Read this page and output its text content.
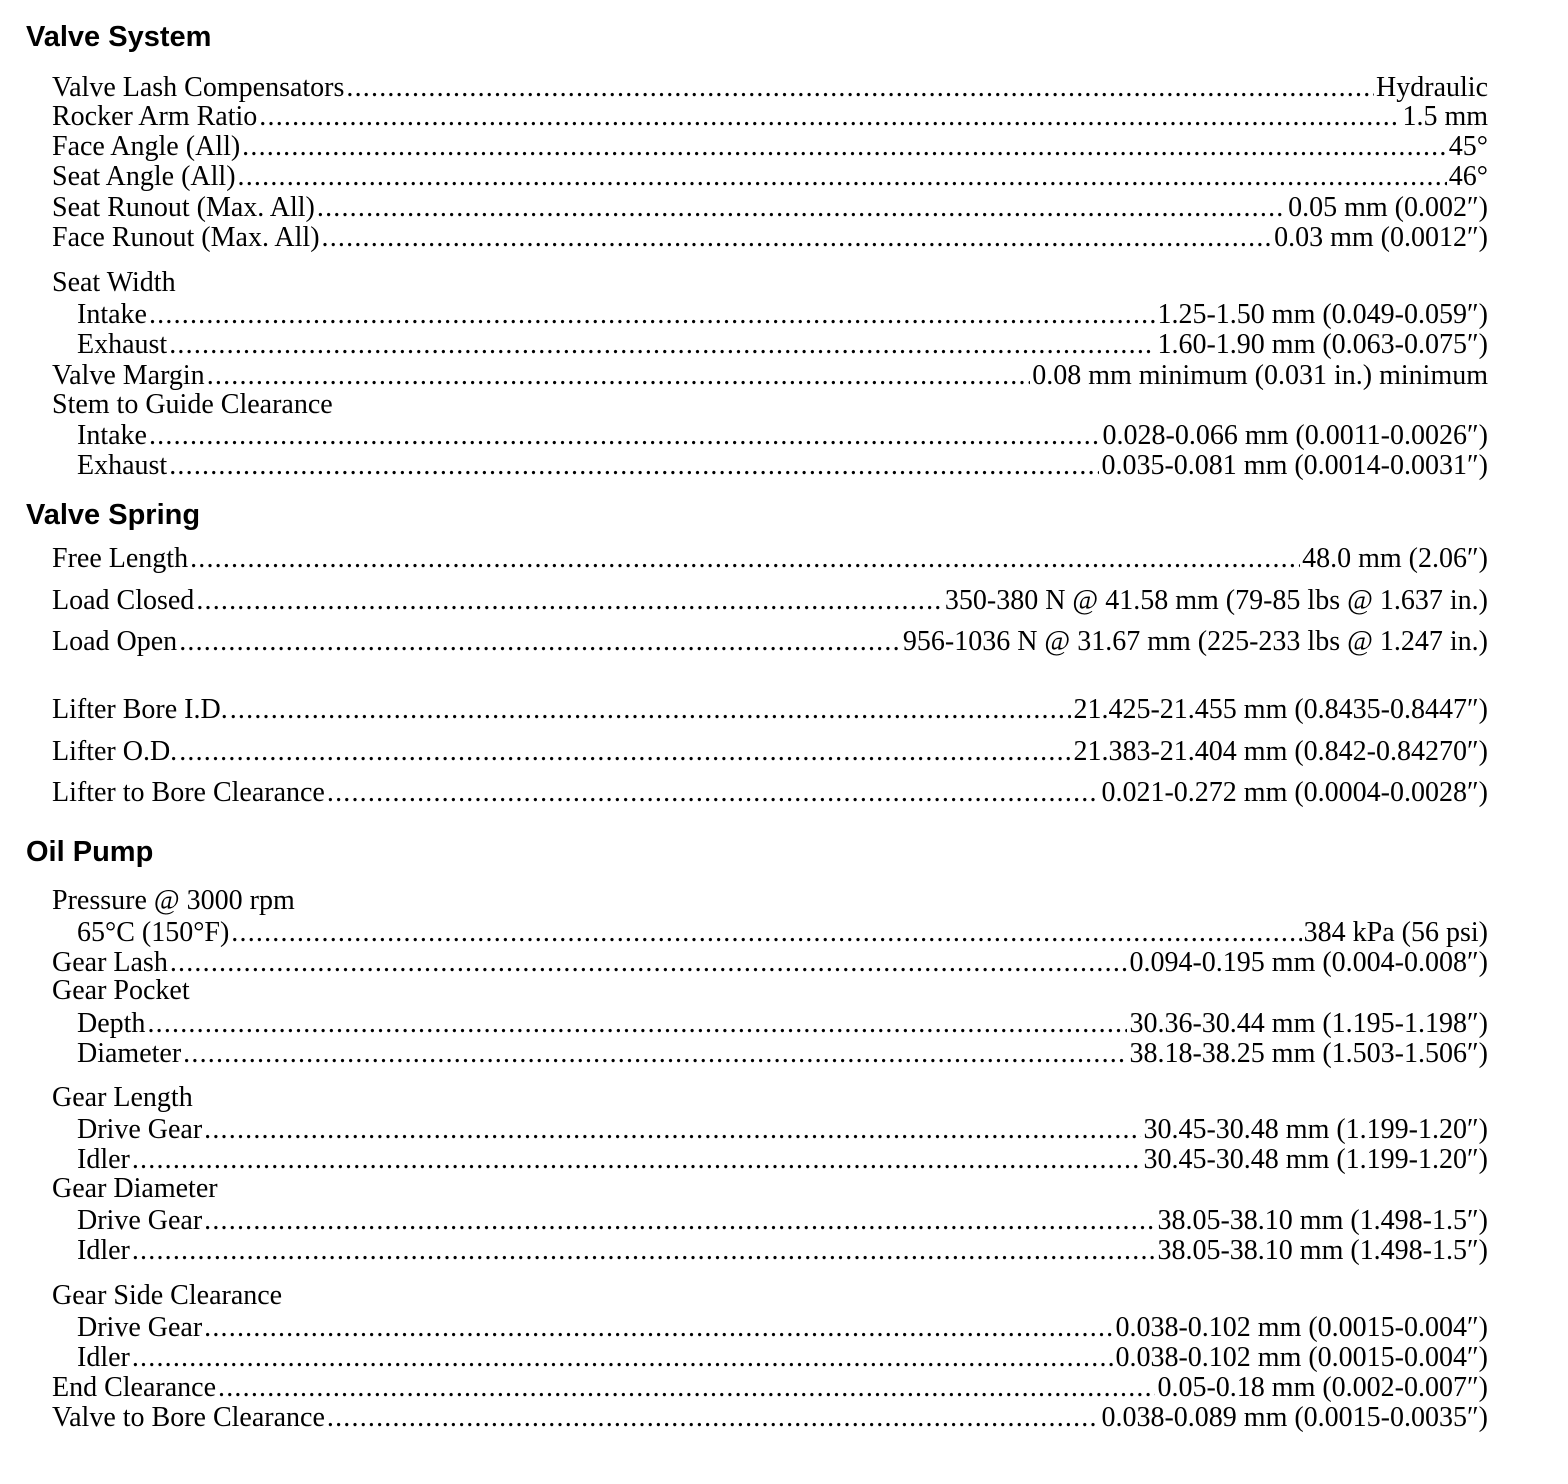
Valve System
Valve Lash Compensators .....	Hydraulic
Rocker Arm Ratio .....	1.5 mm
Face Angle (All) .....	45°
Seat Angle (All) .....	46°
Seat Runout (Max. All) .....	0.05 mm (0.002″)
Face Runout (Max. All) .....	0.03 mm (0.0012″)
Seat Width
Intake .....	1.25-1.50 mm (0.049-0.059″)
Exhaust .....	1.60-1.90 mm (0.063-0.075″)
Valve Margin .....	0.08 mm minimum (0.031 in.) minimum
Stem to Guide Clearance
Intake .....	0.028-0.066 mm (0.0011-0.0026″)
Exhaust .....	0.035-0.081 mm (0.0014-0.0031″)
Valve Spring
Free Length .....	48.0 mm (2.06″)
Load Closed .....	350-380 N @ 41.58 mm (79-85 lbs @ 1.637 in.)
Load Open .....	956-1036 N @ 31.67 mm (225-233 lbs @ 1.247 in.)
Lifter Bore I.D. .....	21.425-21.455 mm (0.8435-0.8447″)
Lifter O.D. .....	21.383-21.404 mm (0.842-0.84270″)
Lifter to Bore Clearance .....	0.021-0.272 mm (0.0004-0.0028″)
Oil Pump
Pressure @ 3000 rpm
65°C (150°F) .....	384 kPa (56 psi)
Gear Lash .....	0.094-0.195 mm (0.004-0.008″)
Gear Pocket
Depth .....	30.36-30.44 mm (1.195-1.198″)
Diameter .....	38.18-38.25 mm (1.503-1.506″)
Gear Length
Drive Gear .....	30.45-30.48 mm (1.199-1.20″)
Idler .....	30.45-30.48 mm (1.199-1.20″)
Gear Diameter
Drive Gear .....	38.05-38.10 mm (1.498-1.5″)
Idler .....	38.05-38.10 mm (1.498-1.5″)
Gear Side Clearance
Drive Gear .....	0.038-0.102 mm (0.0015-0.004″)
Idler .....	0.038-0.102 mm (0.0015-0.004″)
End Clearance .....	0.05-0.18 mm (0.002-0.007″)
Valve to Bore Clearance .....	0.038-0.089 mm (0.0015-0.0035″)
